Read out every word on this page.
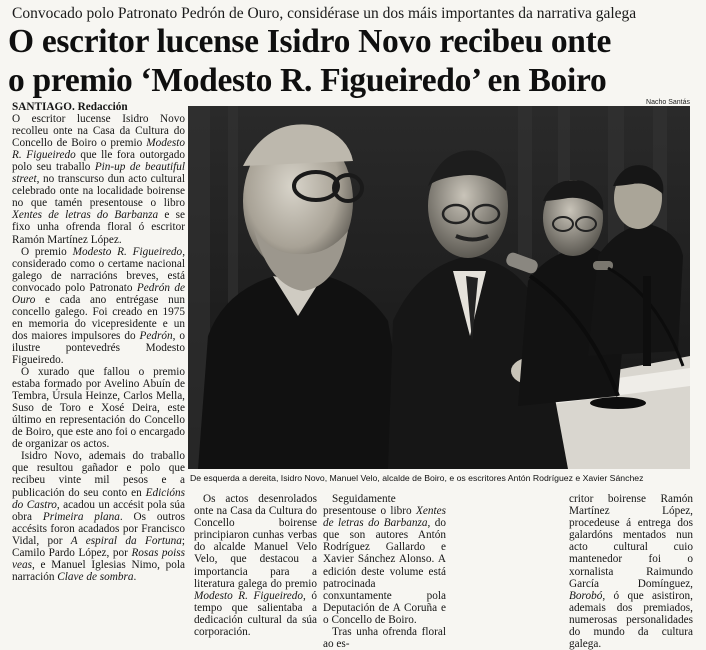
Convocado polo Patronato Pedrón de Ouro, considérase un dos máis importantes da narrativa galega
O escritor lucense Isidro Novo recibeu onte
o premio ‘Modesto R. Figueiredo’ en Boiro

SANTIAGO. Redacción
O escritor lucense Isidro Novo recolleu onte na Casa da Cultura do Concello de Boiro o premio Modesto R. Figueiredo que lle fora outorgado polo seu traballo Pin-up de beautiful street, no transcurso dun acto cultural celebrado onte na localidade boirense no que tamén presentouse o libro Xentes de letras do Barbanza e se fixo unha ofrenda floral ó escritor Ramón Martínez López.

O premio Modesto R. Figueiredo, considerado como o certame nacional galego de narracións breves, está convocado polo Patronato Pedrón de Ouro e cada ano entrégase nun concello galego. Foi creado en 1975 en memoria do vicepresidente e un dos maiores impulsores do Pedrón, o ilustre pontevedrés Modesto Figueiredo.

O xurado que fallou o premio estaba formado por Avelino Abuín de Tembra, Úrsula Heinze, Carlos Mella, Suso de Toro e Xosé Deira, este último en representación do Concello de Boiro, que este ano foi o encargado de organizar os actos.

Isidro Novo, ademais do traballo que resultou gañador e polo que recibeu vinte mil pesos e a publicación do seu conto en Edicións do Castro, acadou un accésit pola súa obra Primeira plana. Os outros accésits foron acadados por Francisco Vidal, por A espiral da Fortuna; Camilo Pardo López, por Rosas poiss veas, e Manuel Iglesias Nimo, pola narración Clave de sombra.

Nacho Santás
De esquerda a dereita, Isidro Novo, Manuel Velo, alcalde de Boiro, e os escritores Antón Rodríguez e Xavier Sánchez

Os actos desenrolados onte na Casa da Cultura do Concello boirense principiaron cunhas verbas do alcalde Manuel Velo Velo, que destacou a importancia para a literatura galega do premio Modesto R. Figueiredo, ó tempo que salientaba a dedicación cultural da súa corporación.

Seguidamente presentouse o libro Xentes de letras do Barbanza, do que son autores Antón Rodríguez Gallardo e Xavier Sánchez Alonso. A edición deste volume está patrocinada conxuntamente pola Deputación de A Coruña e o Concello de Boiro.

Tras unha ofrenda floral ao es-

critor boirense Ramón Martínez López, procedeuse á entrega dos galardóns mentados nun acto cultural cuio mantenedor foi o xornalista Raimundo García Domínguez, Borobó, ó que asistiron, ademais dos premiados, numerosas personalidades do mundo da cultura galega.
